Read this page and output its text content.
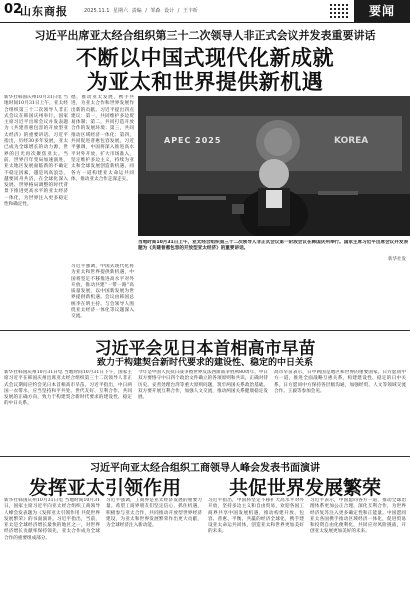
02
山东商报	2025.11.1 星期六 责编 / 邹森 设计 / 王丰昕	要闻
习近平出席亚太经合组织第三十二次领导人非正式会议并发表重要讲话
不断以中国式现代化新成就
为亚太和世界提供新机遇
新华社韩国庆州10月31日电 当地时间10月31日上午，亚太经合组织第三十二次领导人非正式会议在韩国庆州举行。国家主席习近平出席会议并发表题为《共建普惠包容的开放型亚太经济》的重要讲话。习近平指出，历经30多年发展，亚太已成为全球增长的动力源，世界的目光再次聚焦亚太。当前，世界百年变局加速演进，亚太地区发展面临新的不确定不稳定因素，越是风高浪急，越要同舟共济，在全球化深入发展、世界格局调整的时代背景下推进更高水平的亚太经济一体化，为世界注入更多稳定性和确定性。
德，推动亚太发展，携手共进，为亚太合作和世界发展作出新的贡献。习近平提出四点建议：第一，共同维护多边贸易体制；第二，共同打造开放合作的发展环境；第三，共同推动区域经济一体化；第四，共同促进普惠包容发展。习近平强调，中国将深入推进高水平对外开放，扩大市场准入，坚定维护多边主义，持续为亚太和全球发展创造新机遇，同各方一道构建亚太命运共同体，推动亚太合作走深走实。
习近平强调，中国式现代化将为亚太和世界提供新机遇，中国将坚定不移推进高水平对外开放，推动共建“一带一路”高质量发展，以中国新发展为世界提供新机遇。会议由韩国总统李在明主持。与会领导人围绕亚太经济一体化等议题深入交流。
APEC 2025	KOREA
当地时间10月31日上午，亚太经合组织第三十二次领导人非正式会议第一阶段会议在韩国庆州举行。国家主席习近平出席会议并发表题为《共建普惠包容的开放型亚太经济》的重要讲话。
新华社发
习近平会见日本首相高市早苗
致力于构建契合新时代要求的建设性、稳定的中日关系
新华社韩国庆州10月31日电 当地时间10月31日下午，国家主席习近平在韩国庆州出席亚太经合组织第三十二次领导人非正式会议期间应约会见日本首相高市早苗。习近平指出，中日两国一衣带水，应当坚持和平共处、世代友好、互利合作、共同发展的正确方向，致力于构建契合新时代要求的建设性、稳定的中日关系。
今年是中国人民抗日战争暨世界反法西斯战争胜利80周年。中日双方要恪守中日四个政治文件确立的各项原则和共识，正确对待历史，妥善处理台湾等重大原则问题，筑牢两国关系政治基础。双方要开展互利合作，加强人文交流，推动两国关系健康稳定发展。
高市早苗表示，日中两国是地区和世界的重要国家，日方愿同中方一道，推进全面战略互惠关系，构建建设性、稳定的日中关系。日方愿同中方保持各层级沟通，加强经贸、人文等领域交流合作。王毅等参加会见。
习近平向亚太经合组织工商领导人峰会发表书面演讲
发挥亚太引领作用	共促世界发展繁荣
新华社韩国庆州10月31日电 当地时间10月31日，国家主席习近平向亚太经合组织工商领导人峰会发表题为《发挥亚太引领作用 共促世界发展繁荣》的书面演讲。习近平指出，当前，亚太是全球经济增长最快的地区之一，对世界经济增长贡献率保持领先，亚太合作成为全球合作的重要组成部分。
习近平强调，工商界是亚太经济发展的重要力量。希望工商界朋友们坚定信心，抓住机遇，积极参与亚太合作，共同推动开放型世界经济建设，为亚太和世界发展繁荣作出更大贡献，为全球经济注入新动能。
习近平指出，中国将坚定不移扩大高水平对外开放，坚持多边主义和自由贸易，欢迎各国工商界共享中国发展机遇，推动构建开放、包容、普惠、平衡、共赢的经济全球化，携手建设亚太命运共同体，创造亚太和世界更加美好的未来。
习近平表示，中国愿同各方一道，推动全球治理体系更加公正合理，深化互利合作，为世界经济复苏注入更多确定性和正能量。中国愿同亚太各国携手推动区域经济一体化，促进贸易和投资自由化便利化，共同应对风险挑战，开创亚太发展更加美好的未来。
